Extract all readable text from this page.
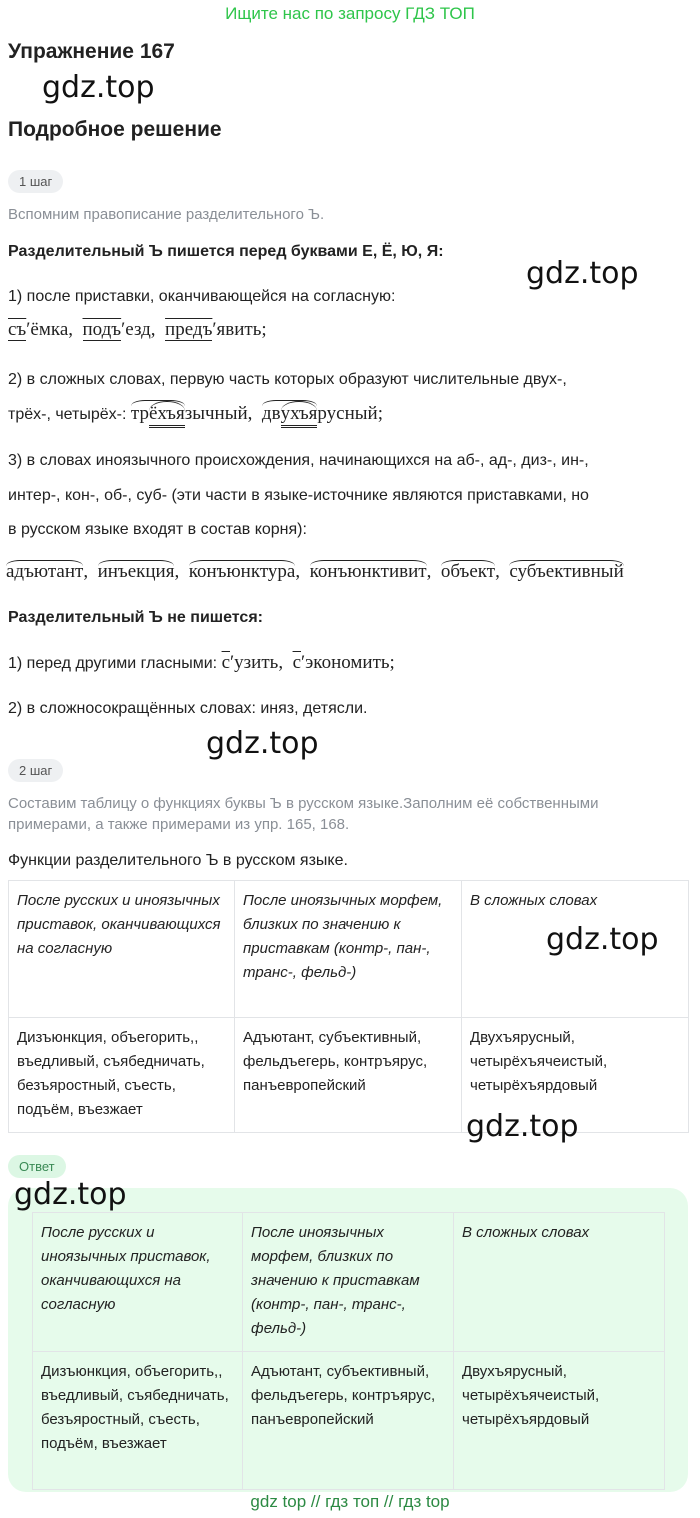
Ищите нас по запросу ГДЗ ТОП
Упражнение 167
gdz.top
Подробное решение
1 шаг
Вспомним правописание разделительного Ъ.
Разделительный Ъ пишется перед буквами Е, Ё, Ю, Я:
gdz.top
1) после приставки, оканчивающейся на согласную:
съ′ёмка,  подъ′езд,  предъ′явить;
2) в сложных словах, первую часть которых образуют числительные двух-,
трёх-, четырёх-: трёхъязычный,  двухъярусный;
3) в словах иноязычного происхождения, начинающихся на аб-, ад-, диз-, ин-,
интер-, кон-, об-, суб- (эти части в языке-источнике являются приставками, но
в русском языке входят в состав корня):
адъютант,  инъекция,  конъюнктура,  конъюнктивит,  объект,  субъективный
Разделительный Ъ не пишется:
1) перед другими гласными: с′узить,  с′экономить;
2) в сложносокращённых словах: иняз, детясли.
gdz.top
2 шаг
Составим таблицу о функциях буквы Ъ в русском языке.Заполним её собственными примерами, а также примерами из упр. 165, 168.
Функции разделительного Ъ в русском языке.
После русских и иноязычных приставок, оканчивающихся на согласную	После иноязычных морфем, близких по значению к приставкам (контр-, пан-, транс-, фельд-)	В сложных словах
Дизъюнкция, объегорить,, въедливый, съябедничать, безъяростный, съесть, подъём, въезжает	Адъютант, субъективный, фельдъегерь, контръярус, панъевропейский	Двухъярусный, четырёхъячеистый, четырёхъярдовый
gdz.top
gdz.top
Ответ
gdz.top
После русских и иноязычных приставок, оканчивающихся на согласную	После иноязычных морфем, близких по значению к приставкам (контр-, пан-, транс-, фельд-)	В сложных словах
Дизъюнкция, объегорить,, въедливый, съябедничать, безъяростный, съесть, подъём, въезжает	Адъютант, субъективный, фельдъегерь, контръярус, панъевропейский	Двухъярусный, четырёхъячеистый, четырёхъярдовый
gdz top // гдз топ // гдз top
